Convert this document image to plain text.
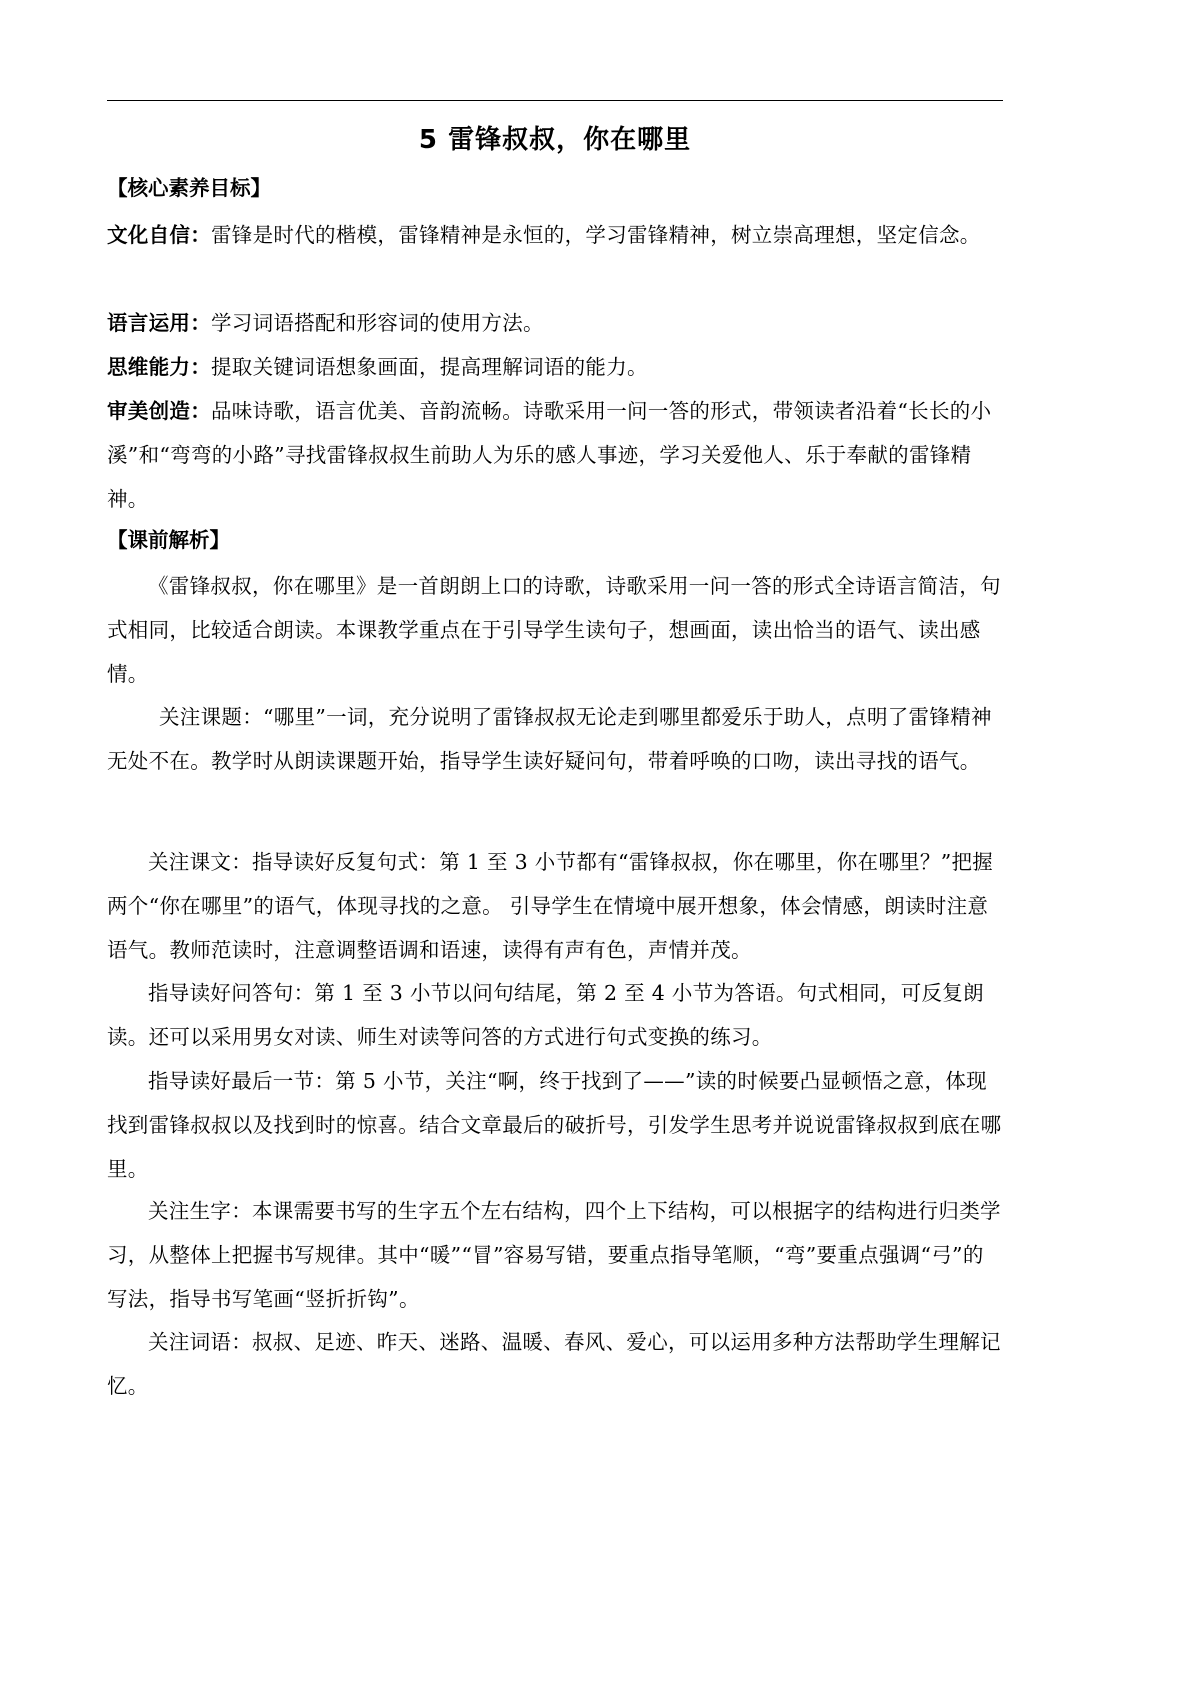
5 雷锋叔叔，你在哪里
【核心素养目标】
文化自信：雷锋是时代的楷模，雷锋精神是永恒的，学习雷锋精神，树立崇高理想，坚定信念。
语言运用：学习词语搭配和形容词的使用方法。
思维能力：提取关键词语想象画面，提高理解词语的能力。
审美创造：品味诗歌，语言优美、音韵流畅。诗歌采用一问一答的形式，带领读者沿着“长长的小溪”和“弯弯的小路”寻找雷锋叔叔生前助人为乐的感人事迹，学习关爱他人、乐于奉献的雷锋精神。
【课前解析】
《雷锋叔叔，你在哪里》是一首朗朗上口的诗歌，诗歌采用一问一答的形式全诗语言简洁，句式相同，比较适合朗读。本课教学重点在于引导学生读句子，想画面，读出恰当的语气、读出感情。
关注课题：“哪里”一词，充分说明了雷锋叔叔无论走到哪里都爱乐于助人，点明了雷锋精神无处不在。教学时从朗读课题开始，指导学生读好疑问句，带着呼唤的口吻，读出寻找的语气。
关注课文：指导读好反复句式：第 1 至 3 小节都有“雷锋叔叔，你在哪里，你在哪里？”把握两个“你在哪里”的语气，体现寻找的之意。 引导学生在情境中展开想象，体会情感，朗读时注意语气。教师范读时，注意调整语调和语速，读得有声有色，声情并茂。
指导读好问答句：第 1 至 3 小节以问句结尾，第 2 至 4 小节为答语。句式相同，可反复朗读。还可以采用男女对读、师生对读等问答的方式进行句式变换的练习。
指导读好最后一节：第 5 小节，关注“啊，终于找到了——”读的时候要凸显顿悟之意，体现找到雷锋叔叔以及找到时的惊喜。结合文章最后的破折号，引发学生思考并说说雷锋叔叔到底在哪里。
关注生字：本课需要书写的生字五个左右结构，四个上下结构，可以根据字的结构进行归类学习，从整体上把握书写规律。其中“暖”“冒”容易写错，要重点指导笔顺，“弯”要重点强调“弓”的写法，指导书写笔画“竖折折钩”。
关注词语：叔叔、足迹、昨天、迷路、温暖、春风、爱心，可以运用多种方法帮助学生理解记忆。
